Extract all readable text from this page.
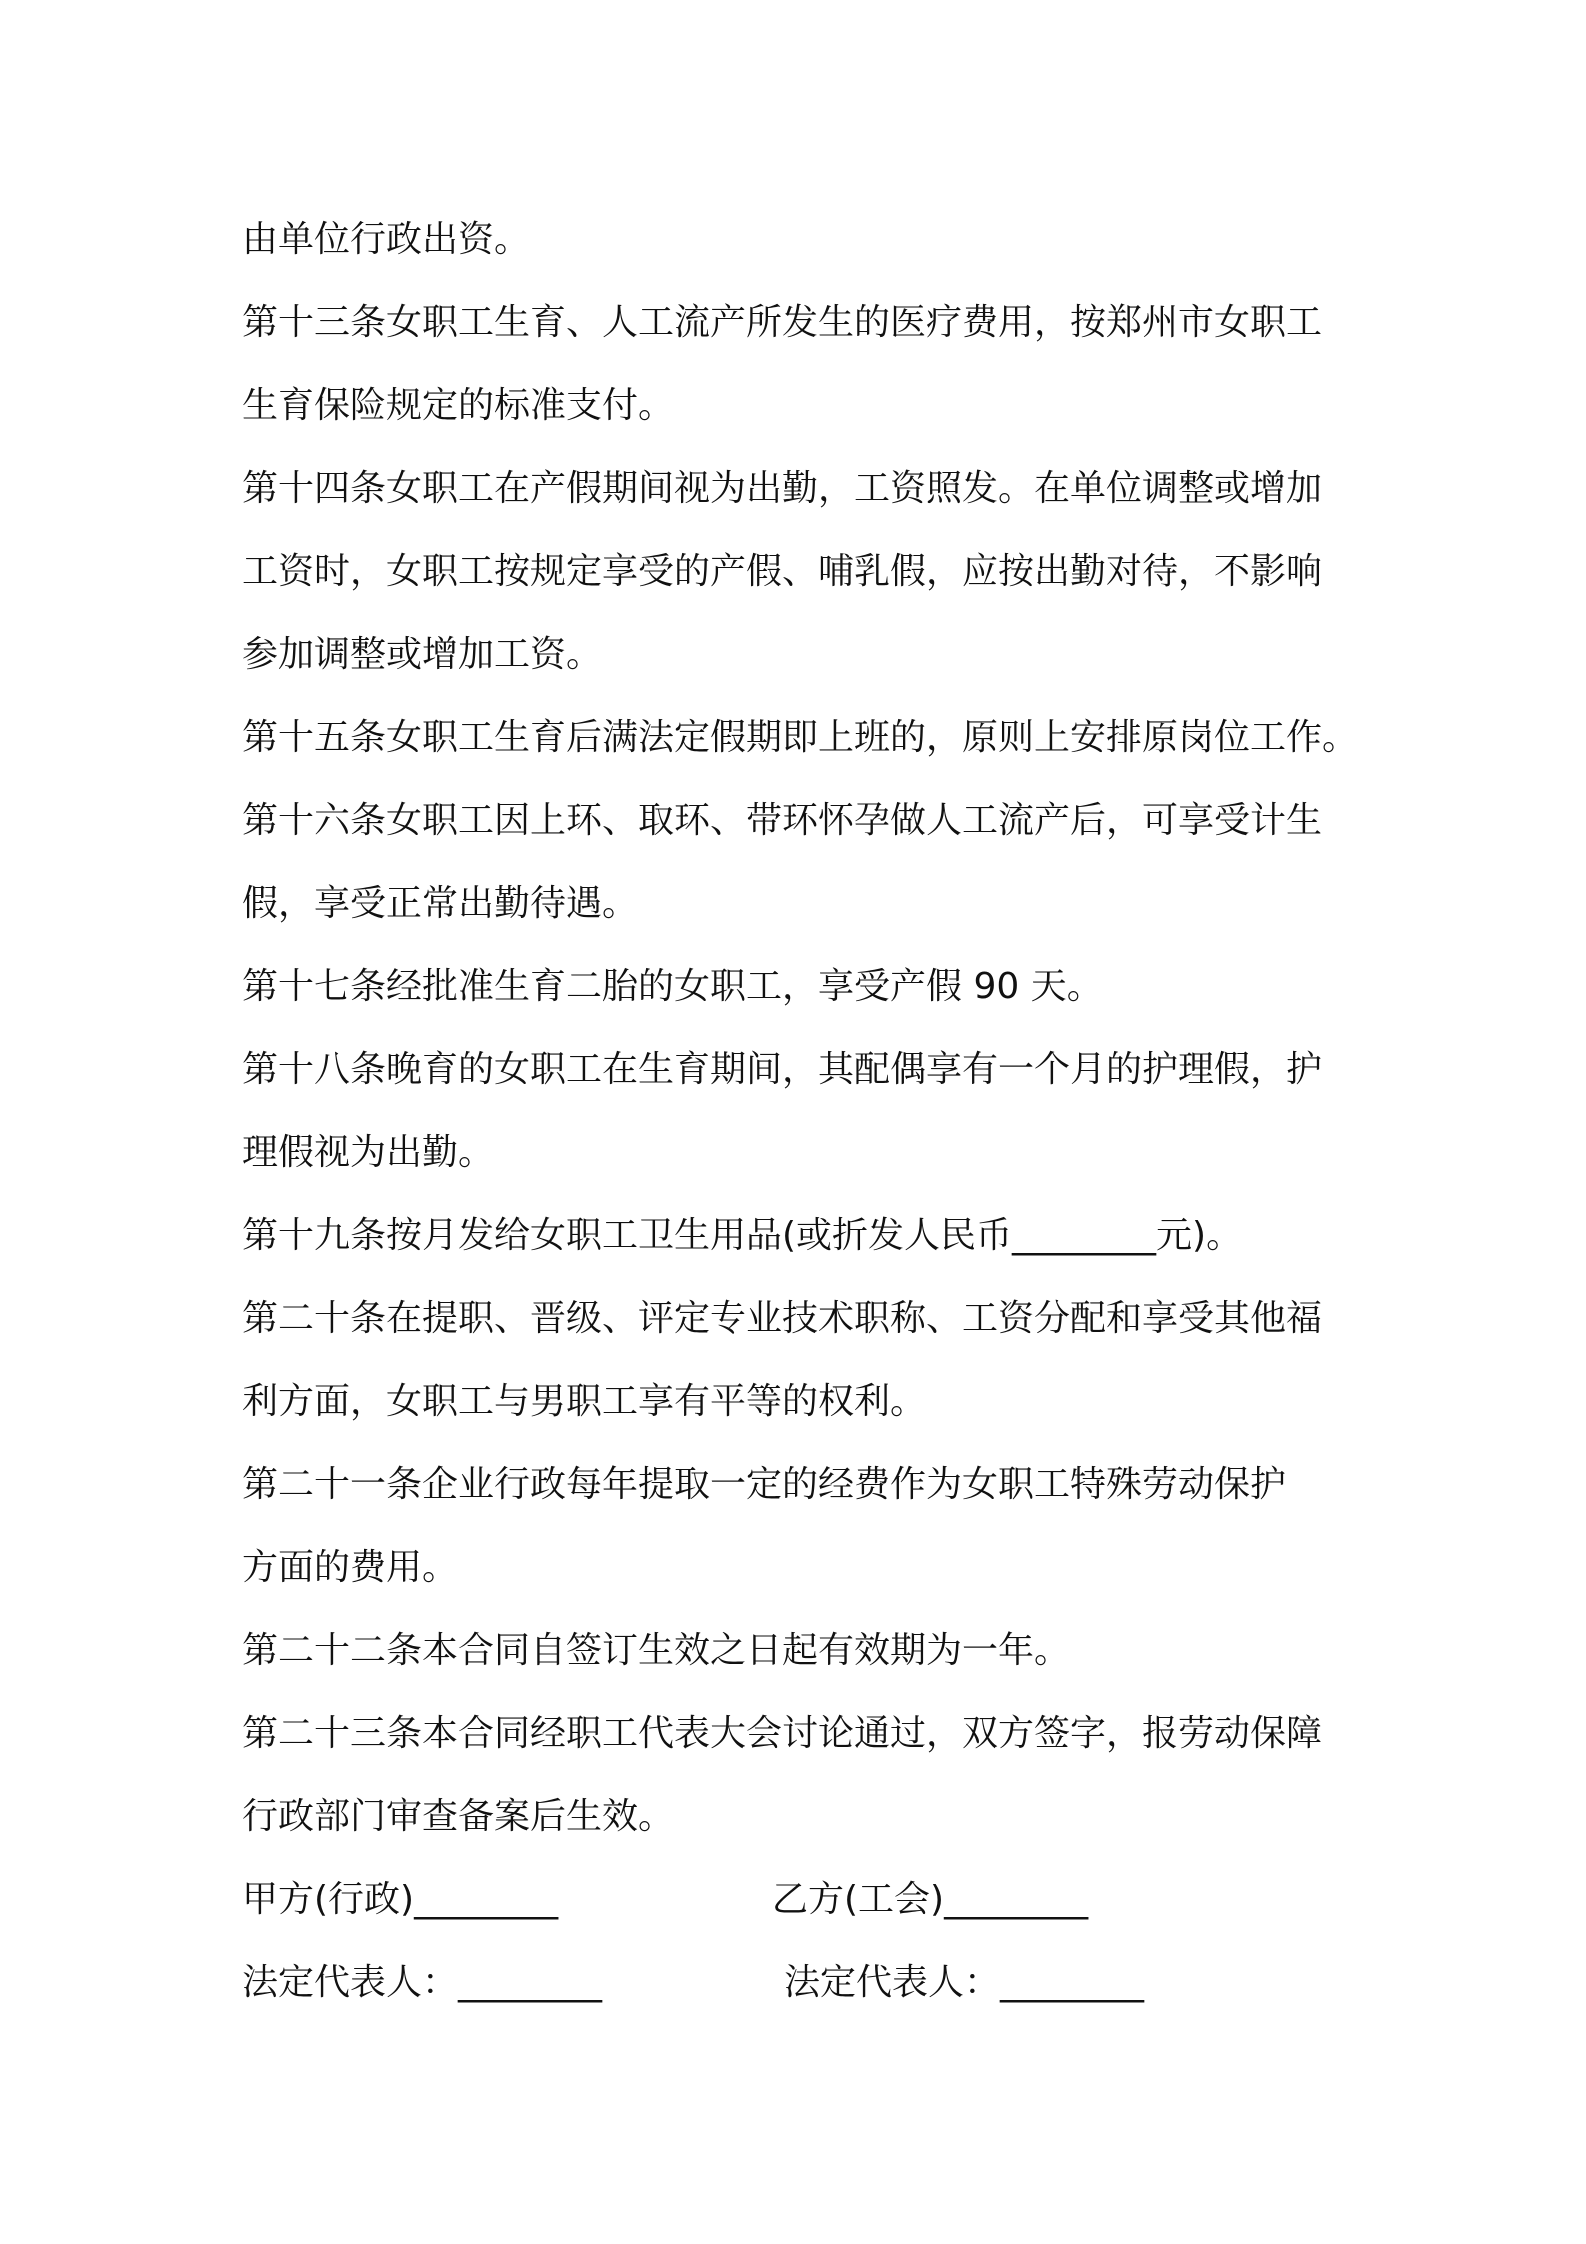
由单位行政出资。
第十三条女职工生育、人工流产所发生的医疗费用，按郑州市女职工
生育保险规定的标准支付。
第十四条女职工在产假期间视为出勤，工资照发。在单位调整或增加
工资时，女职工按规定享受的产假、哺乳假，应按出勤对待，不影响
参加调整或增加工资。
第十五条女职工生育后满法定假期即上班的，原则上安排原岗位工作。
第十六条女职工因上环、取环、带环怀孕做人工流产后，可享受计生
假，享受正常出勤待遇。
第十七条经批准生育二胎的女职工，享受产假 90 天。
第十八条晚育的女职工在生育期间，其配偶享有一个月的护理假，护
理假视为出勤。
第十九条按月发给女职工卫生用品(或折发人民币________元)。
第二十条在提职、晋级、评定专业技术职称、工资分配和享受其他福
利方面，女职工与男职工享有平等的权利。
第二十一条企业行政每年提取一定的经费作为女职工特殊劳动保护
方面的费用。
第二十二条本合同自签订生效之日起有效期为一年。
第二十三条本合同经职工代表大会讨论通过，双方签字，报劳动保障
行政部门审查备案后生效。
甲方(行政)________	乙方(工会)________
法定代表人：________	法定代表人：________
